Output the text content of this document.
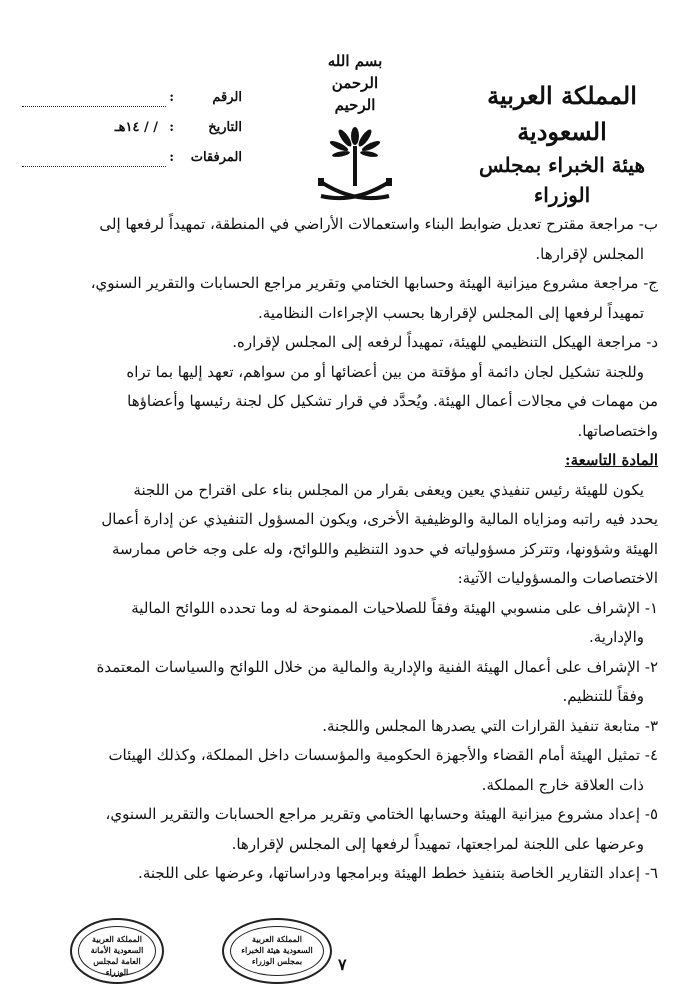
المملكة العربية السعودية
هيئة الخبراء بمجلس الوزراء
بسم الله الرحمن الرحيم
الرقم
:
التاريخ
:
/ / ١٤هـ
المرفقات
:

ب- مراجعة مقترح تعديل ضوابط البناء واستعمالات الأراضي في المنطقة، تمهيداً لرفعها إلى

المجلس لإقرارها.

ج- مراجعة مشروع ميزانية الهيئة وحسابها الختامي وتقرير مراجع الحسابات والتقرير السنوي،

تمهيداً لرفعها إلى المجلس لإقرارها بحسب الإجراءات النظامية.

د- مراجعة الهيكل التنظيمي للهيئة، تمهيداً لرفعه إلى المجلس لإقراره.

وللجنة تشكيل لجان دائمة أو مؤقتة من بين أعضائها أو من سواهم، تعهد إليها بما تراه

من مهمات في مجالات أعمال الهيئة. ويُحدَّد في قرار تشكيل كل لجنة رئيسها وأعضاؤها

واختصاصاتها.

المادة التاسعة:

يكون للهيئة رئيس تنفيذي يعين ويعفى بقرار من المجلس بناء على اقتراح من اللجنة

يحدد فيه راتبه ومزاياه المالية والوظيفية الأخرى، ويكون المسؤول التنفيذي عن إدارة أعمال

الهيئة وشؤونها، وتتركز مسؤولياته في حدود التنظيم واللوائح، وله على وجه خاص ممارسة

الاختصاصات والمسؤوليات الآتية:

١- الإشراف على منسوبي الهيئة وفقاً للصلاحيات الممنوحة له وما تحدده اللوائح المالية

والإدارية.

٢- الإشراف على أعمال الهيئة الفنية والإدارية والمالية من خلال اللوائح والسياسات المعتمدة

وفقاً للتنظيم.

٣- متابعة تنفيذ القرارات التي يصدرها المجلس واللجنة.

٤- تمثيل الهيئة أمام القضاء والأجهزة الحكومية والمؤسسات داخل المملكة، وكذلك الهيئات

ذات العلاقة خارج المملكة.

٥- إعداد مشروع ميزانية الهيئة وحسابها الختامي وتقرير مراجع الحسابات والتقرير السنوي،

وعرضها على اللجنة لمراجعتها، تمهيداً لرفعها إلى المجلس لإقرارها.

٦- إعداد التقارير الخاصة بتنفيذ خطط الهيئة وبرامجها ودراساتها، وعرضها على اللجنة.

المملكة العربية السعودية هيئة الخبراء بمجلس الوزراء	٧
المملكة العربية السعودية الأمانة العامة لمجلس الوزراء
